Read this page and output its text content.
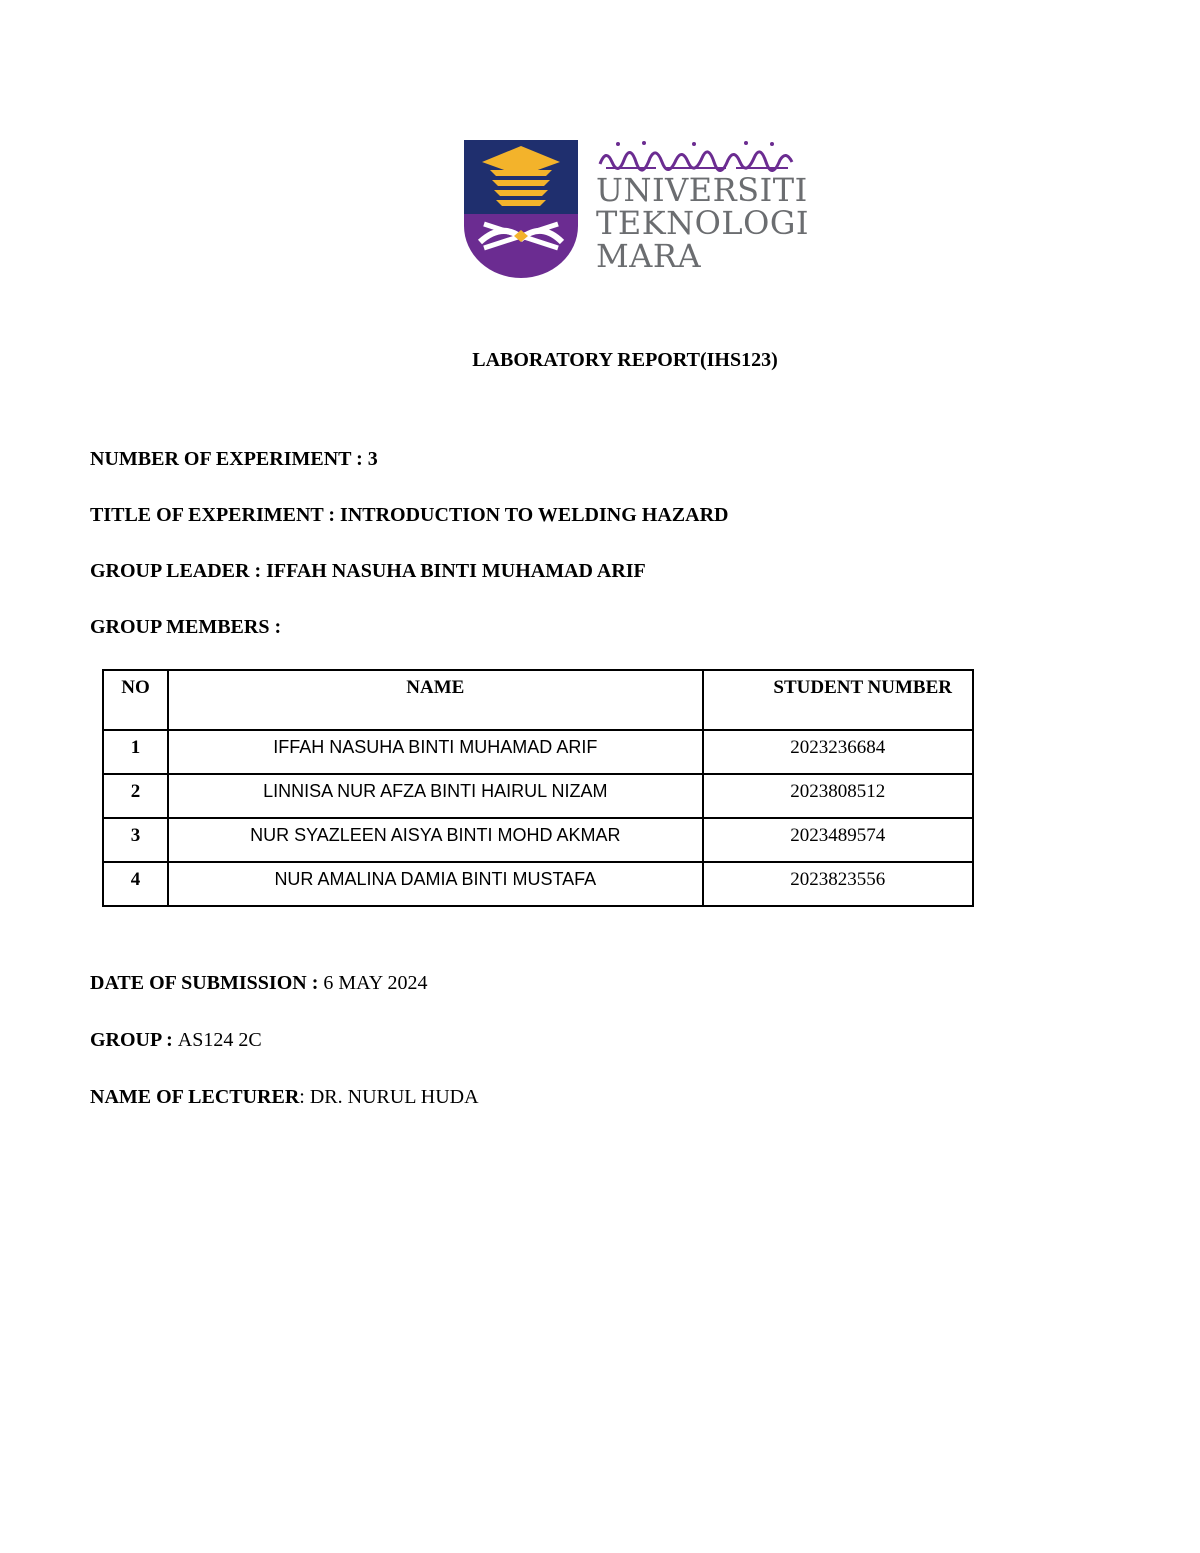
UNIVERSITI
TEKNOLOGI
MARA

LABORATORY REPORT(IHS123)

NUMBER OF EXPERIMENT : 3

TITLE OF EXPERIMENT : INTRODUCTION TO WELDING HAZARD

GROUP LEADER : IFFAH NASUHA BINTI MUHAMAD ARIF

GROUP MEMBERS :

NO	NAME	STUDENT NUMBER
1	IFFAH NASUHA BINTI MUHAMAD ARIF	2023236684
2	LINNISA NUR AFZA BINTI HAIRUL NIZAM	2023808512
3	NUR SYAZLEEN AISYA BINTI MOHD AKMAR	2023489574
4	NUR AMALINA DAMIA BINTI MUSTAFA	2023823556

DATE OF SUBMISSION : 6 MAY 2024

GROUP : AS124 2C

NAME OF LECTURER: DR. NURUL HUDA
